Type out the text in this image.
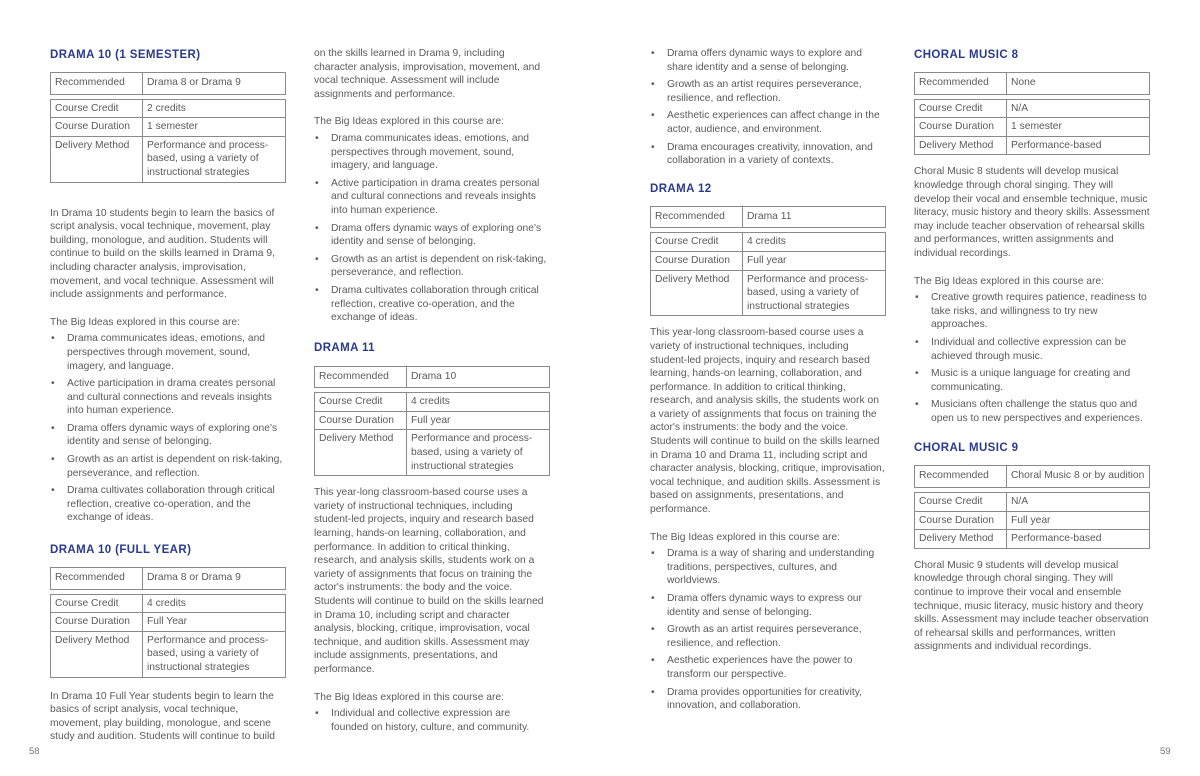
DRAMA 10 (1 SEMESTER)
Recommended	Drama 8 or Drama 9

Course Credit	2 credits
Course Duration	1 semester
Delivery Method	Performance and process-based, using a variety of instructional strategies

In Drama 10 students begin to learn the basics of script analysis, vocal technique, movement, play building, monologue, and audition. Students will continue to build on the skills learned in Drama 9, including character analysis, improvisation, movement, and vocal technique. Assessment will include assignments and performance.

The Big Ideas explored in this course are:

• Drama communicates ideas, emotions, and perspectives through movement, sound, imagery, and language.
• Active participation in drama creates personal and cultural connections and reveals insights into human experience.
• Drama offers dynamic ways of exploring one's identity and sense of belonging.
• Growth as an artist is dependent on risk-taking, perseverance, and reflection.
• Drama cultivates collaboration through critical reflection, creative co-operation, and the exchange of ideas.
DRAMA 10 (FULL YEAR)
Recommended	Drama 8 or Drama 9

Course Credit	4 credits
Course Duration	Full Year
Delivery Method	Performance and process-based, using a variety of instructional strategies

In Drama 10 Full Year students begin to learn the basics of script analysis, vocal technique, movement, play building, monologue, and scene study and audition. Students will continue to build

58

on the skills learned in Drama 9, including character analysis, improvisation, movement, and vocal technique. Assessment will include assignments and performance.

The Big Ideas explored in this course are:

• Drama communicates ideas, emotions, and perspectives through movement, sound, imagery, and language.
• Active participation in drama creates personal and cultural connections and reveals insights into human experience.
• Drama offers dynamic ways of exploring one's identity and sense of belonging.
• Growth as an artist is dependent on risk-taking, perseverance, and reflection.
• Drama cultivates collaboration through critical reflection, creative co-operation, and the exchange of ideas.
DRAMA 11
Recommended	Drama 10

Course Credit	4 credits
Course Duration	Full year
Delivery Method	Performance and process-based, using a variety of instructional strategies

This year-long classroom-based course uses a variety of instructional techniques, including student-led projects, inquiry and research based learning, hands-on learning, collaboration, and performance. In addition to critical thinking, research, and analysis skills, students work on a variety of assignments that focus on training the actor's instruments: the body and the voice. Students will continue to build on the skills learned in Drama 10, including script and character analysis, blocking, critique, improvisation, vocal technique, and audition skills. Assessment may include assignments, presentations, and performance.

The Big Ideas explored in this course are:

• Individual and collective expression are founded on history, culture, and community.
• Drama offers dynamic ways to explore and share identity and a sense of belonging.
• Growth as an artist requires perseverance, resilience, and reflection.
• Aesthetic experiences can affect change in the actor, audience, and environment.
• Drama encourages creativity, innovation, and collaboration in a variety of contexts.
DRAMA 12
Recommended	Drama 11

Course Credit	4 credits
Course Duration	Full year
Delivery Method	Performance and process-based, using a variety of instructional strategies

This year-long classroom-based course uses a variety of instructional techniques, including student-led projects, inquiry and research based learning, hands-on learning, collaboration, and performance. In addition to critical thinking, research, and analysis skills, the students work on a variety of assignments that focus on training the actor's instruments: the body and the voice. Students will continue to build on the skills learned in Drama 10 and Drama 11, including script and character analysis, blocking, critique, improvisation, vocal technique, and audition skills. Assessment is based on assignments, presentations, and performance.

The Big Ideas explored in this course are:

• Drama is a way of sharing and understanding traditions, perspectives, cultures, and worldviews.
• Drama offers dynamic ways to express our identity and sense of belonging.
• Growth as an artist requires perseverance, resilience, and reflection.
• Aesthetic experiences have the power to transform our perspective.
• Drama provides opportunities for creativity, innovation, and collaboration.
CHORAL MUSIC 8
Recommended	None

Course Credit	N/A
Course Duration	1 semester
Delivery Method	Performance-based

Choral Music 8 students will develop musical knowledge through choral singing. They will develop their vocal and ensemble technique, music literacy, music history and theory skills. Assessment may include teacher observation of rehearsal skills and performances, written assignments and individual recordings.

The Big Ideas explored in this course are:

• Creative growth requires patience, readiness to take risks, and willingness to try new approaches.
• Individual and collective expression can be achieved through music.
• Music is a unique language for creating and communicating.
• Musicians often challenge the status quo and open us to new perspectives and experiences.
CHORAL MUSIC 9
Recommended	Choral Music 8 or by audition

Course Credit	N/A
Course Duration	Full year
Delivery Method	Performance-based

Choral Music 9 students will develop musical knowledge through choral singing. They will continue to improve their vocal and ensemble technique, music literacy, music history and theory skills. Assessment may include teacher observation of rehearsal skills and performances, written assignments and individual recordings.

59
